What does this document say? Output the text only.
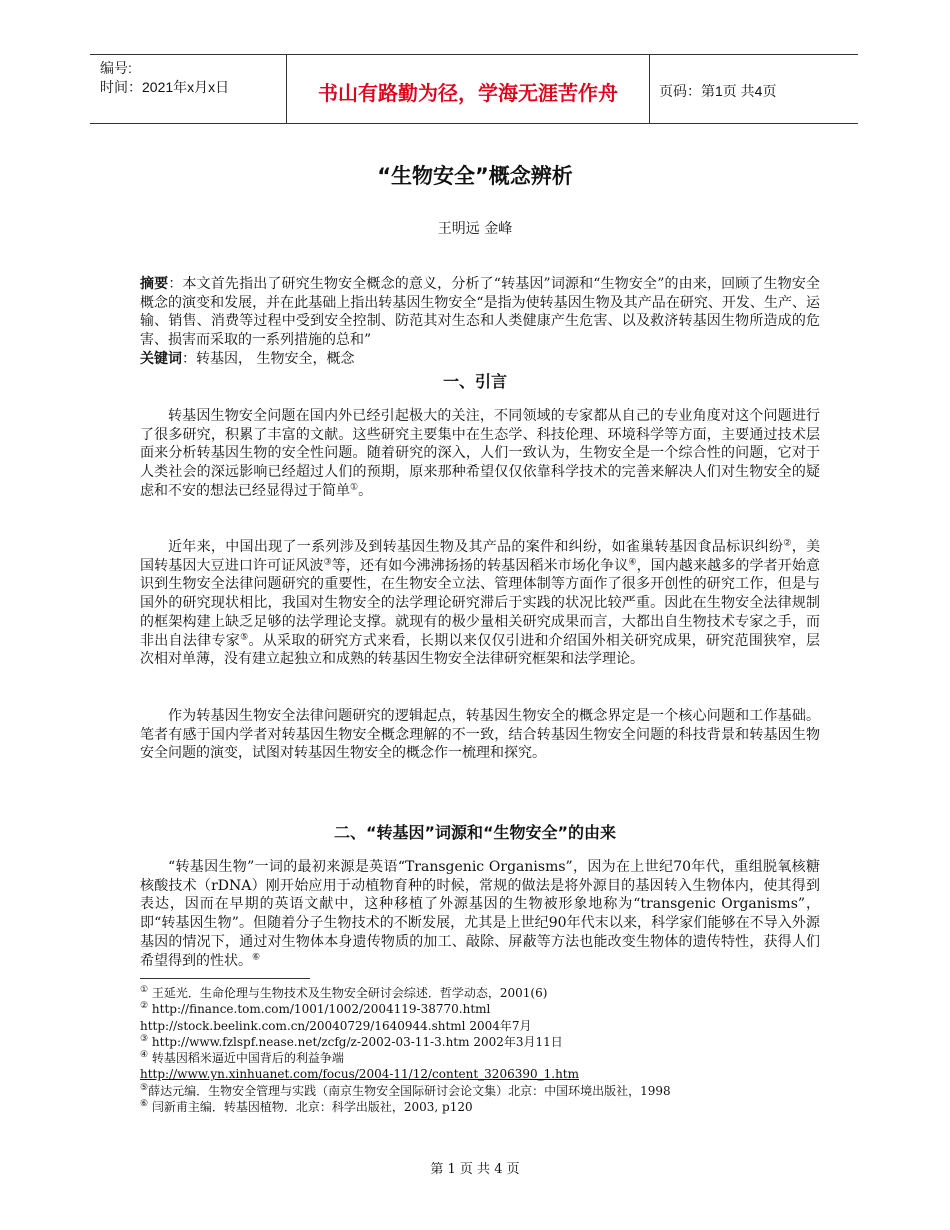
编号:
时间：2021年x月x日	书山有路勤为径，学海无涯苦作舟	页码：第1页 共4页
“生物安全”概念辨析
王明远 金峰
摘要：本文首先指出了研究生物安全概念的意义，分析了“转基因”词源和“生物安全”的由来，回顾了生物安全概念的演变和发展，并在此基础上指出转基因生物安全“是指为使转基因生物及其产品在研究、开发、生产、运输、销售、消费等过程中受到安全控制、防范其对生态和人类健康产生危害、以及救济转基因生物所造成的危害、损害而采取的一系列措施的总和”
关键词：转基因， 生物安全，概念
一、引言
转基因生物安全问题在国内外已经引起极大的关注，不同领域的专家都从自己的专业角度对这个问题进行了很多研究，积累了丰富的文献。这些研究主要集中在生态学、科技伦理、环境科学等方面，主要通过技术层面来分析转基因生物的安全性问题。随着研究的深入，人们一致认为，生物安全是一个综合性的问题，它对于人类社会的深远影响已经超过人们的预期，原来那种希望仅仅依靠科学技术的完善来解决人们对生物安全的疑虑和不安的想法已经显得过于简单①。
近年来，中国出现了一系列涉及到转基因生物及其产品的案件和纠纷，如雀巢转基因食品标识纠纷②，美国转基因大豆进口许可证风波③等，还有如今沸沸扬扬的转基因稻米市场化争议④，国内越来越多的学者开始意识到生物安全法律问题研究的重要性，在生物安全立法、管理体制等方面作了很多开创性的研究工作，但是与国外的研究现状相比，我国对生物安全的法学理论研究滞后于实践的状况比较严重。因此在生物安全法律规制的框架构建上缺乏足够的法学理论支撑。就现有的极少量相关研究成果而言，大都出自生物技术专家之手，而非出自法律专家⑤。从采取的研究方式来看，长期以来仅仅引进和介绍国外相关研究成果，研究范围狭窄，层次相对单薄，没有建立起独立和成熟的转基因生物安全法律研究框架和法学理论。
作为转基因生物安全法律问题研究的逻辑起点，转基因生物安全的概念界定是一个核心问题和工作基础。笔者有感于国内学者对转基因生物安全概念理解的不一致，结合转基因生物安全问题的科技背景和转基因生物安全问题的演变，试图对转基因生物安全的概念作一梳理和探究。
二、“转基因”词源和“生物安全”的由来
“转基因生物”一词的最初来源是英语“Transgenic Organisms”，因为在上世纪70年代，重组脱氧核糖核酸技术（rDNA）刚开始应用于动植物育种的时候，常规的做法是将外源目的基因转入生物体内，使其得到表达，因而在早期的英语文献中，这种移植了外源基因的生物被形象地称为“transgenic Organisms”，即“转基因生物”。但随着分子生物技术的不断发展，尤其是上世纪90年代末以来，科学家们能够在不导入外源基因的情况下，通过对生物体本身遗传物质的加工、敲除、屏蔽等方法也能改变生物体的遗传特性，获得人们希望得到的性状。⑥
① 王延光．生命伦理与生物技术及生物安全研讨会综述．哲学动态，2001(6)
② http://finance.tom.com/1001/1002/2004119-38770.html
http://stock.beelink.com.cn/20040729/1640944.shtml 2004年7月
③ http://www.fzlspf.nease.net/zcfg/z-2002-03-11-3.htm 2002年3月11日
④ 转基因稻米逼近中国背后的利益争端
http://www.yn.xinhuanet.com/focus/2004-11/12/content_3206390_1.htm
⑤薛达元编．生物安全管理与实践（南京生物安全国际研讨会论文集）北京：中国环境出版社，1998
⑥ 闫新甫主编．转基因植物．北京：科学出版社，2003, p120
第 1 页 共 4 页
